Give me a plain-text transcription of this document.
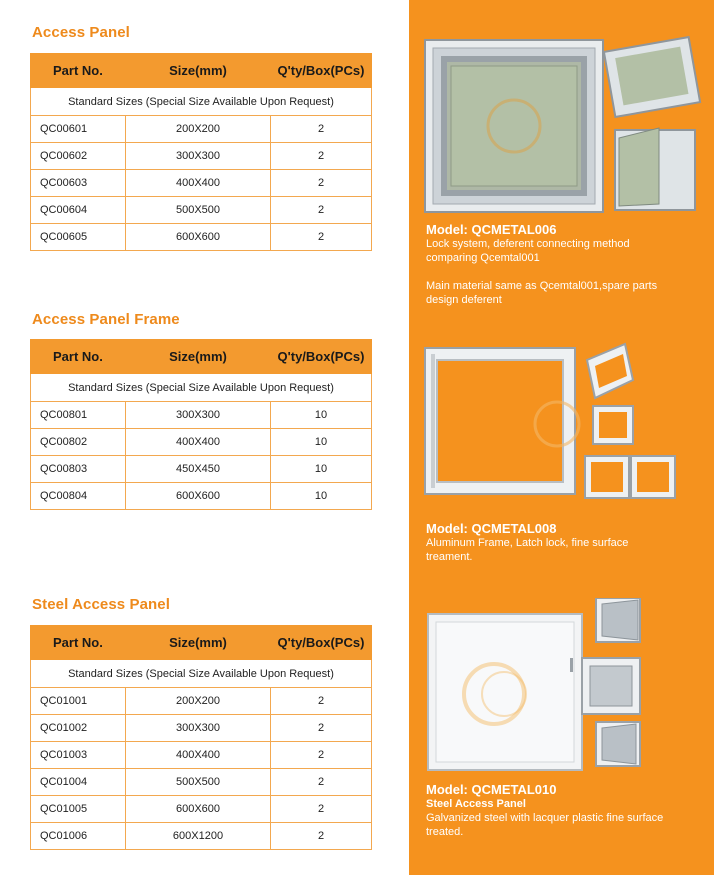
Access Panel
Part No.	Size(mm)	Q'ty/Box(PCs)
Standard Sizes (Special Size Available Upon Request)		
QC00601	200X200	2
QC00602	300X300	2
QC00603	400X400	2
QC00604	500X500	2
QC00605	600X600	2
Access Panel Frame
Part No.	Size(mm)	Q'ty/Box(PCs)
Standard Sizes (Special Size Available Upon Request)		
QC00801	300X300	10
QC00802	400X400	10
QC00803	450X450	10
QC00804	600X600	10
Steel Access Panel
Part No.	Size(mm)	Q'ty/Box(PCs)
Standard Sizes (Special Size Available Upon Request)		
QC01001	200X200	2
QC01002	300X300	2
QC01003	400X400	2
QC01004	500X500	2
QC01005	600X600	2
QC01006	600X1200	2
Model: QCMETAL006
Lock system, deferent connecting method
comparing Qcemtal001
Main material same as Qcemtal001,spare parts
design deferent
Model: QCMETAL008
Aluminum Frame, Latch lock, fine surface
treament.
Model: QCMETAL010
Steel Access Panel
Galvanized steel with lacquer plastic fine surface
treated.
